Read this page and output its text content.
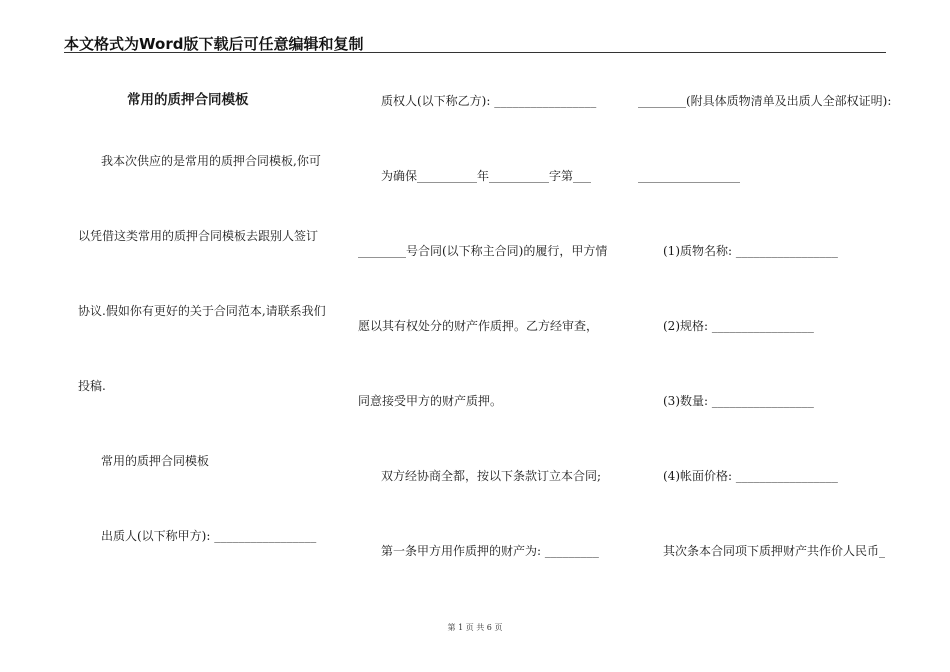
本文格式为Word版下载后可任意编辑和复制
常用的质押合同模板
我本次供应的是常用的质押合同模板,你可
以凭借这类常用的质押合同模板去跟别人签订
协议.假如你有更好的关于合同范本,请联系我们
投稿.
常用的质押合同模板
出质人(以下称甲方): _________________
质权人(以下称乙方): _________________
为确保__________年__________字第___
________号合同(以下称主合同)的履行，甲方情
愿以其有权处分的财产作质押。乙方经审查，
同意接受甲方的财产质押。
双方经协商全都，按以下条款订立本合同;
第一条甲方用作质押的财产为: _________
________(附具体质物清单及出质人全部权证明):
_________________
(1)质物名称: _________________
(2)规格: _________________
(3)数量: _________________
(4)帐面价格: _________________
其次条本合同项下质押财产共作价人民币_
第 1 页 共 6 页
